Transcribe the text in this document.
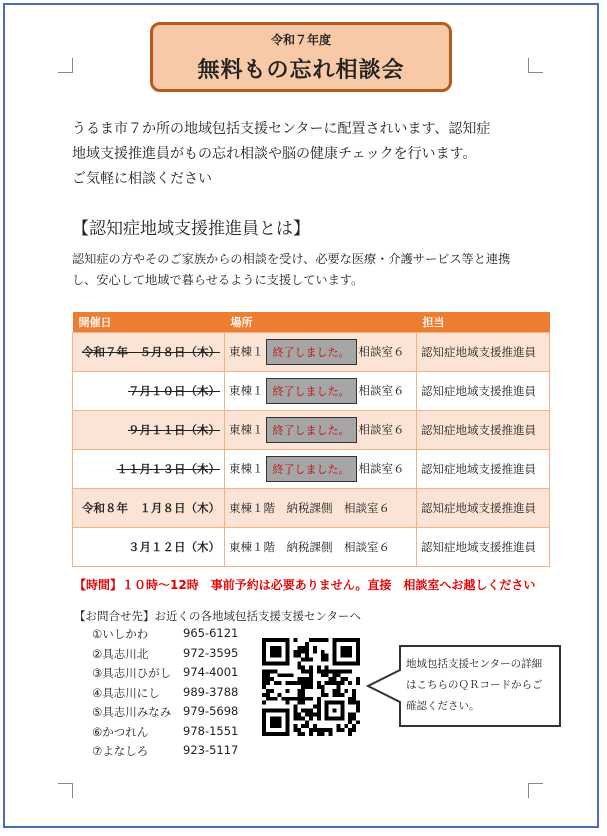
令和７年度
無料もの忘れ相談会
うるま市７か所の地域包括支援センターに配置されいます、認知症
地域支援推進員がもの忘れ相談や脳の健康チェックを行います。
ご気軽に相談ください
【認知症地域支援推進員とは】
認知症の方やそのご家族からの相談を受け、必要な医療・介護サービス等と連携
し、安心して地域で暮らせるように支援しています。
開催日	場所	担当
令和７年　５月８日（木）	東棟１ 終了しました。 相談室６	認知症地域支援推進員
７月１０日（木）	東棟１ 終了しました。 相談室６	認知症地域支援推進員
９月１１日（木）	東棟１ 終了しました。 相談室６	認知症地域支援推進員
１１月１３日（木）	東棟１ 終了しました。 相談室６	認知症地域支援推進員
令和８年　１月８日（木）	東棟１階　納税課側　相談室６	認知症地域支援推進員
３月１２日（木）	東棟１階　納税課側　相談室６	認知症地域支援推進員
【時間】１０時〜12時　事前予約は必要ありません。直接　相談室へお越しください
【お問合せ先】お近くの各地域包括支援支援センターへ
①いしかわ	965-6121
②具志川北	972-3595
③具志川ひがし	974-4001
④具志川にし	989-3788
⑤具志川みなみ	979-5698
⑥かつれん	978-1551
⑦よなしろ	923-5117
地域包括支援センターの詳細
はこちらのＱＲコードからご
確認ください。
